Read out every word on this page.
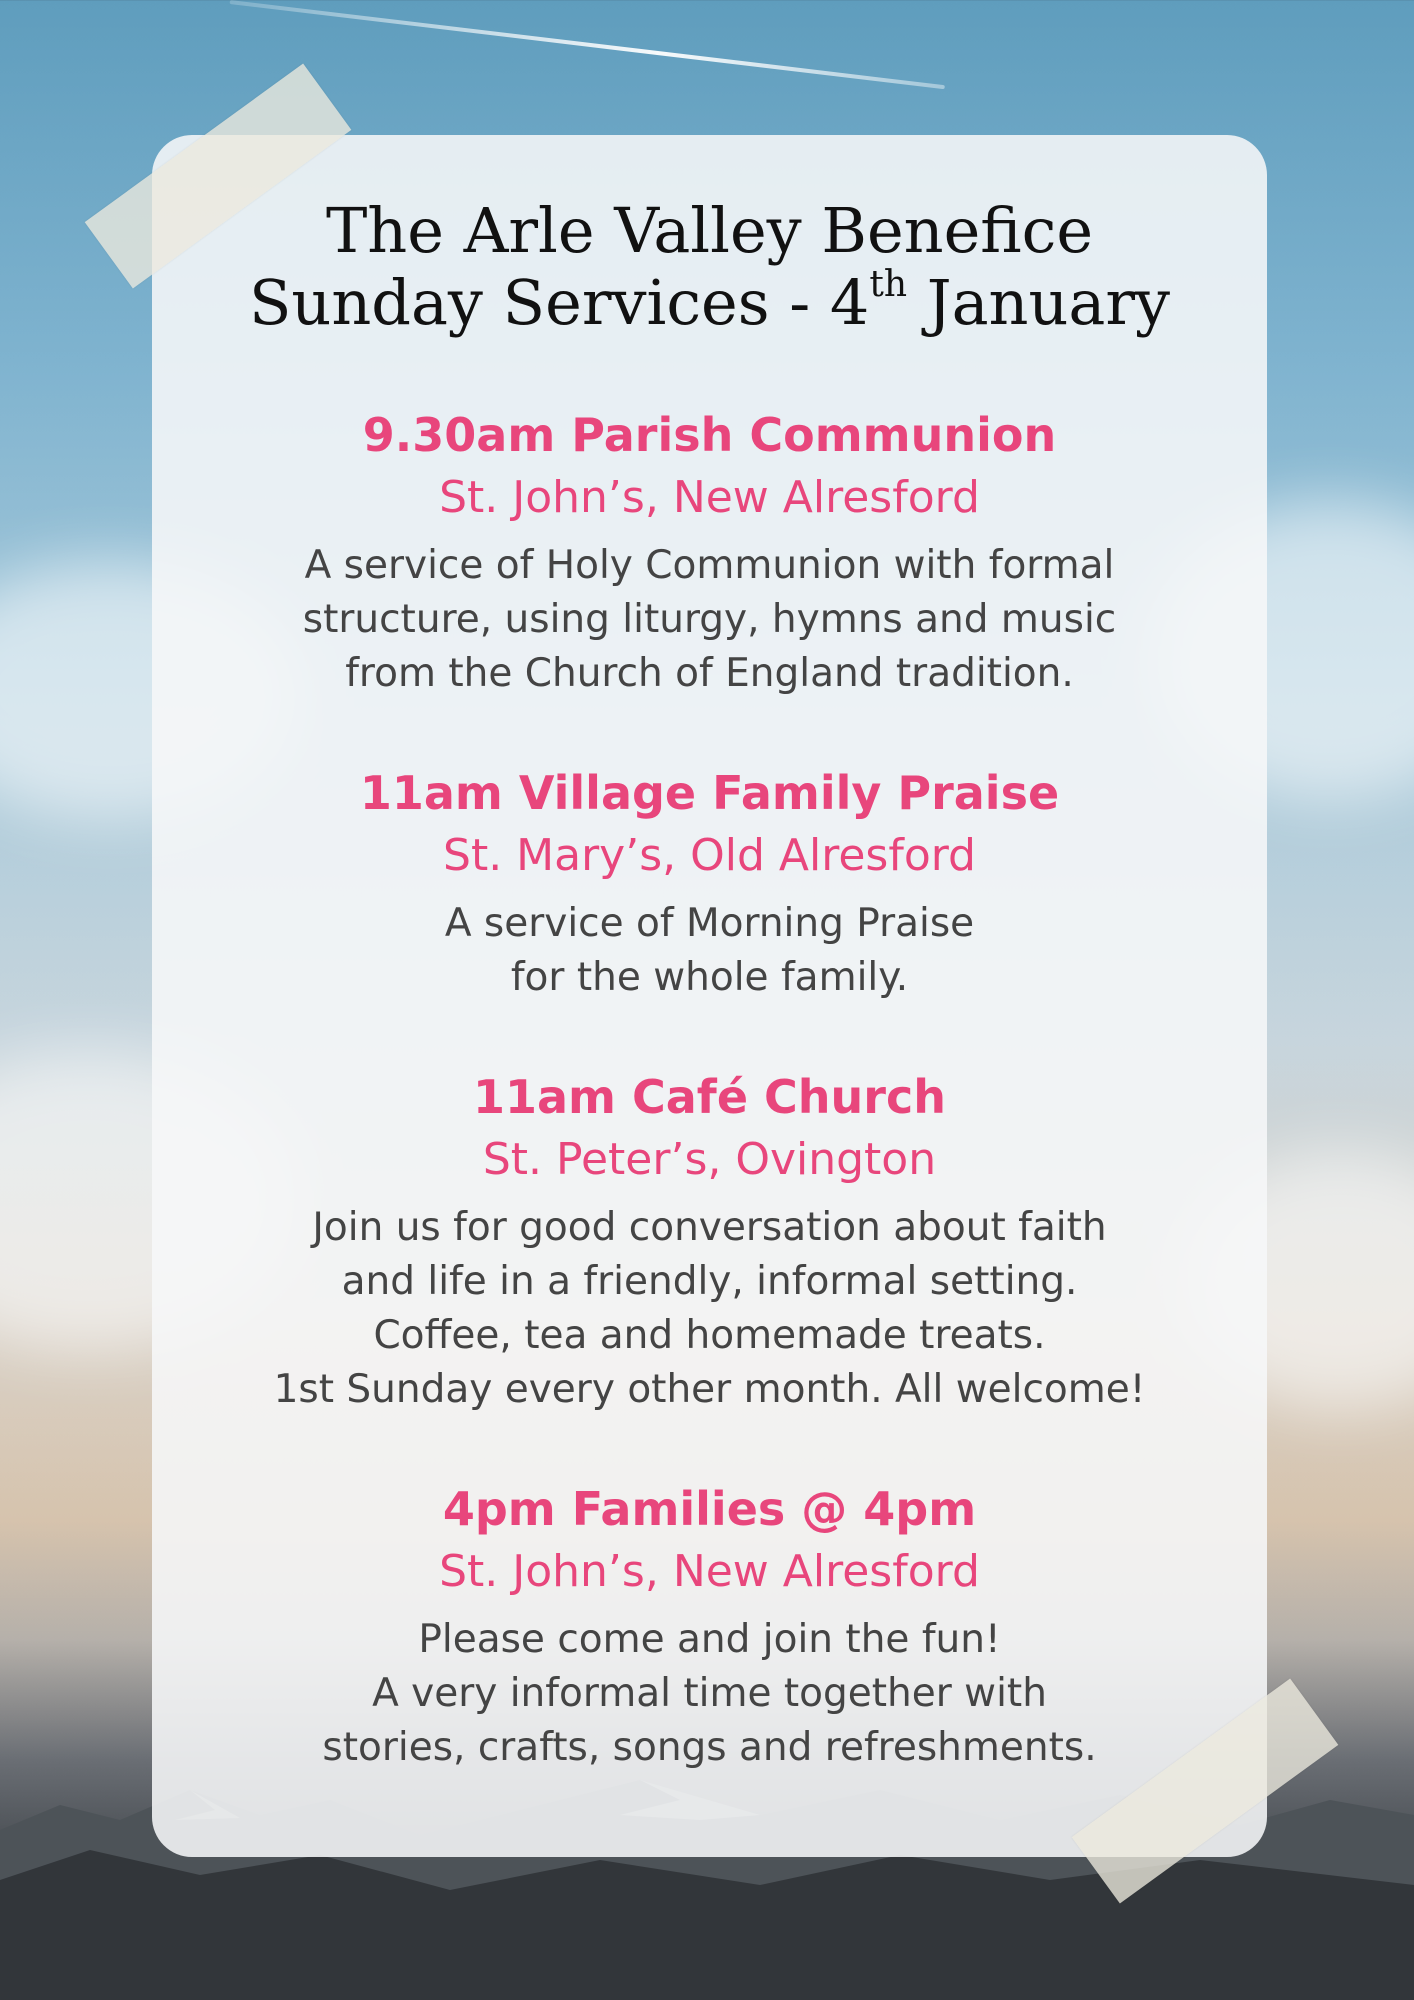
The Arle Valley Benefice
Sunday Services - 4th January
9.30am Parish Communion
St. John’s, New Alresford
A service of Holy Communion with formal
structure, using liturgy, hymns and music
from the Church of England tradition.
11am Village Family Praise
St. Mary’s, Old Alresford
A service of Morning Praise
for the whole family.
11am Café Church
St. Peter’s, Ovington
Join us for good conversation about faith
and life in a friendly, informal setting.
Coffee, tea and homemade treats.
1st Sunday every other month. All welcome!
4pm Families @ 4pm
St. John’s, New Alresford
Please come and join the fun!
A very informal time together with
stories, crafts, songs and refreshments.
